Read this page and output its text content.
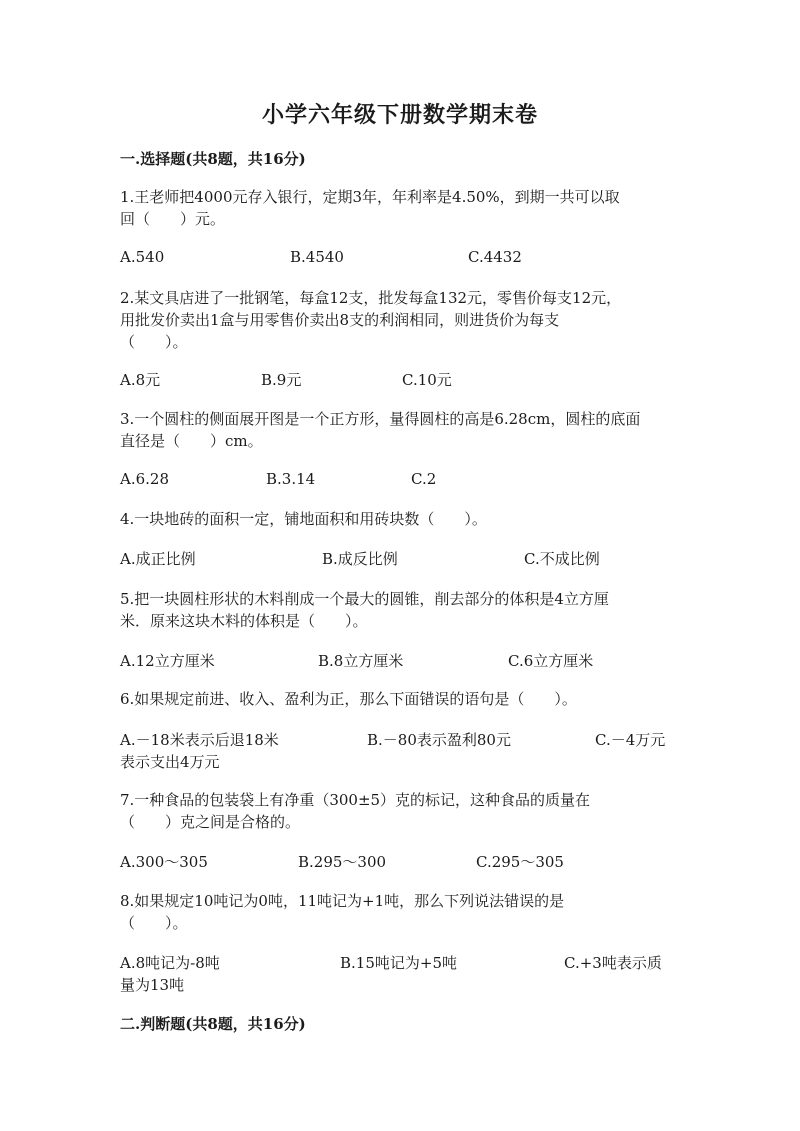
小学六年级下册数学期末卷
一.选择题(共8题，共16分)

1.王老师把4000元存入银行，定期3年，年利率是4.50%，到期一共可以取

回（　　）元。

A.540	B.4540	C.4432

2.某文具店进了一批钢笔，每盒12支，批发每盒132元，零售价每支12元，

用批发价卖出1盒与用零售价卖出8支的利润相同，则进货价为每支

（　　）。

A.8元	B.9元	C.10元

3.一个圆柱的侧面展开图是一个正方形，量得圆柱的高是6.28cm，圆柱的底面

直径是（　　）cm。

A.6.28	B.3.14	C.2

4.一块地砖的面积一定，铺地面积和用砖块数（　　）。

A.成正比例	B.成反比例	C.不成比例

5.把一块圆柱形状的木料削成一个最大的圆锥，削去部分的体积是4立方厘

米．原来这块木料的体积是（　　）。

A.12立方厘米	B.8立方厘米	C.6立方厘米

6.如果规定前进、收入、盈利为正，那么下面错误的语句是（　　）。

A.－18米表示后退18米	B.－80表示盈利80元	C.－4万元
表示支出4万元

7.一种食品的包装袋上有净重（300±5）克的标记，这种食品的质量在

（　　）克之间是合格的。

A.300～305	B.295～300	C.295～305

8.如果规定10吨记为0吨，11吨记为+1吨，那么下列说法错误的是

（　　）。

A.8吨记为-8吨	B.15吨记为+5吨	C.+3吨表示质
量为13吨
二.判断题(共8题，共16分)
